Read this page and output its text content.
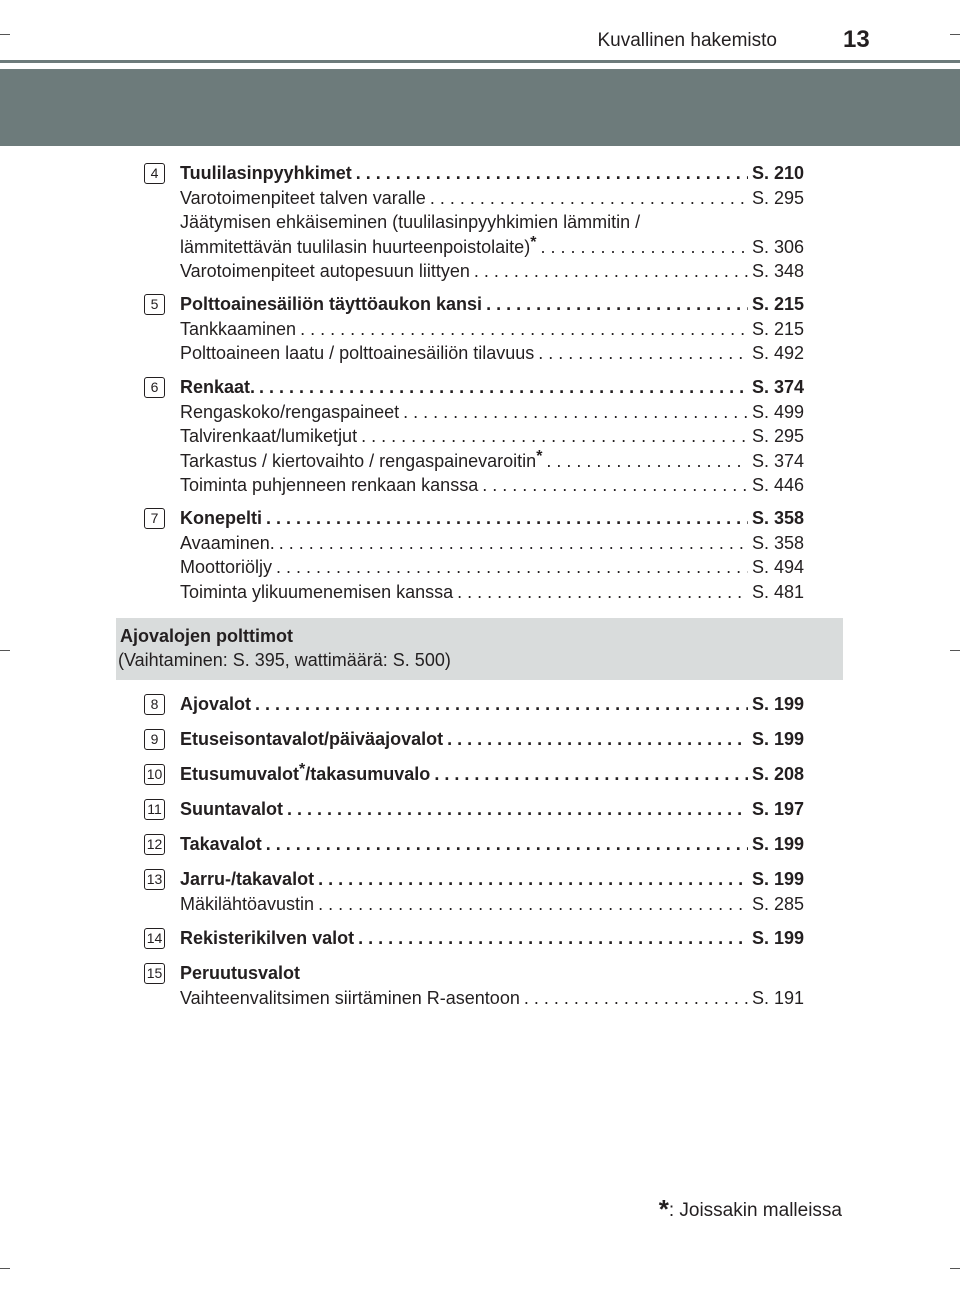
Kuvallinen hakemisto	13
4	Tuulilasinpyyhkimet . . .	S. 210
Varotoimenpiteet talven varalle . . .	S. 295
Jäätymisen ehkäiseminen (tuulilasinpyyhkimien lämmitin /
lämmitettävän tuulilasin huurteenpoistolaite)* . . .	S. 306
Varotoimenpiteet autopesuun liittyen . . .	S. 348
5	Polttoainesäiliön täyttöaukon kansi . . .	S. 215
Tankkaaminen . . .	S. 215
Polttoaineen laatu / polttoainesäiliön tilavuus . . .	S. 492
6	Renkaat. . . .	S. 374
Rengaskoko/rengaspaineet . . .	S. 499
Talvirenkaat/lumiketjut . . .	S. 295
Tarkastus / kiertovaihto / rengaspainevaroitin* . . .	S. 374
Toiminta puhjenneen renkaan kanssa . . .	S. 446
7	Konepelti . . .	S. 358
Avaaminen. . . .	S. 358
Moottoriöljy . . .	S. 494
Toiminta ylikuumenemisen kanssa . . .	S. 481
Ajovalojen polttimot
(Vaihtaminen: S. 395, wattimäärä: S. 500)
8	Ajovalot . . .	S. 199
9	Etuseisontavalot/päiväajovalot . . .	S. 199
10 Etusumuvalot*/takasumuvalo . . .	S. 208
11 Suuntavalot . . .	S. 197
12 Takavalot . . .	S. 199
13 Jarru-/takavalot . . .	S. 199
Mäkilähtöavustin . . .	S. 285
14 Rekisterikilven valot . . .	S. 199
15 Peruutusvalot
Vaihteenvalitsimen siirtäminen R-asentoon . . .	S. 191
*: Joissakin malleissa
